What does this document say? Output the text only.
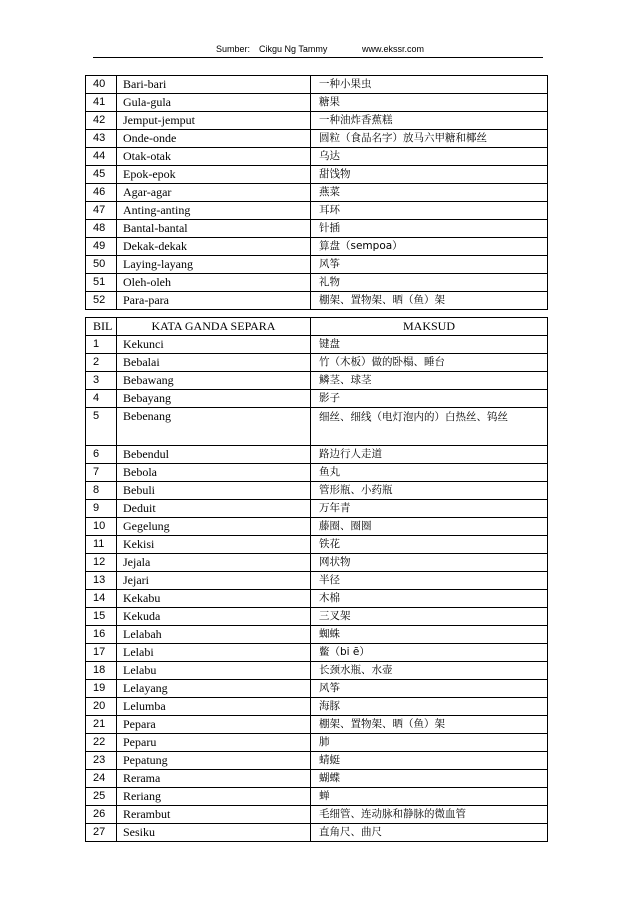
Sumber: Cikgu Ng Tammy	www.ekssr.com
40	Bari-bari	一种小果虫
41	Gula-gula	糖果
42	Jemput-jemput	一种油炸香蕉糕
43	Onde-onde	圆粒（食品名字）放马六甲糖和椰丝
44	Otak-otak	乌达
45	Epok-epok	甜饯物
46	Agar-agar	燕菜
47	Anting-anting	耳环
48	Bantal-bantal	针插
49	Dekak-dekak	算盘（sempoa）
50	Laying-layang	风筝
51	Oleh-oleh	礼物
52	Para-para	棚架、置物架、晒（鱼）架
BIL	KATA GANDA SEPARA	MAKSUD
1	Kekunci	键盘
2	Bebalai	竹（木板）做的卧榻、睡台
3	Bebawang	鳞茎、球茎
4	Bebayang	影子
5	Bebenang	细丝、细线（电灯泡内的）白热丝、钨丝
6	Bebendul	路边行人走道
7	Bebola	鱼丸
8	Bebuli	管形瓶、小药瓶
9	Deduit	万年青
10	Gegelung	藤圈、圈圈
11	Kekisi	铁花
12	Jejala	网状物
13	Jejari	半径
14	Kekabu	木棉
15	Kekuda	三叉架
16	Lelabah	蜘蛛
17	Lelabi	鳖（bi ē）
18	Lelabu	长颈水瓶、水壶
19	Lelayang	风筝
20	Lelumba	海豚
21	Pepara	棚架、置物架、晒（鱼）架
22	Peparu	肺
23	Pepatung	蜻蜓
24	Rerama	蝴蝶
25	Reriang	蝉
26	Rerambut	毛细管、连动脉和静脉的微血管
27	Sesiku	直角尺、曲尺
